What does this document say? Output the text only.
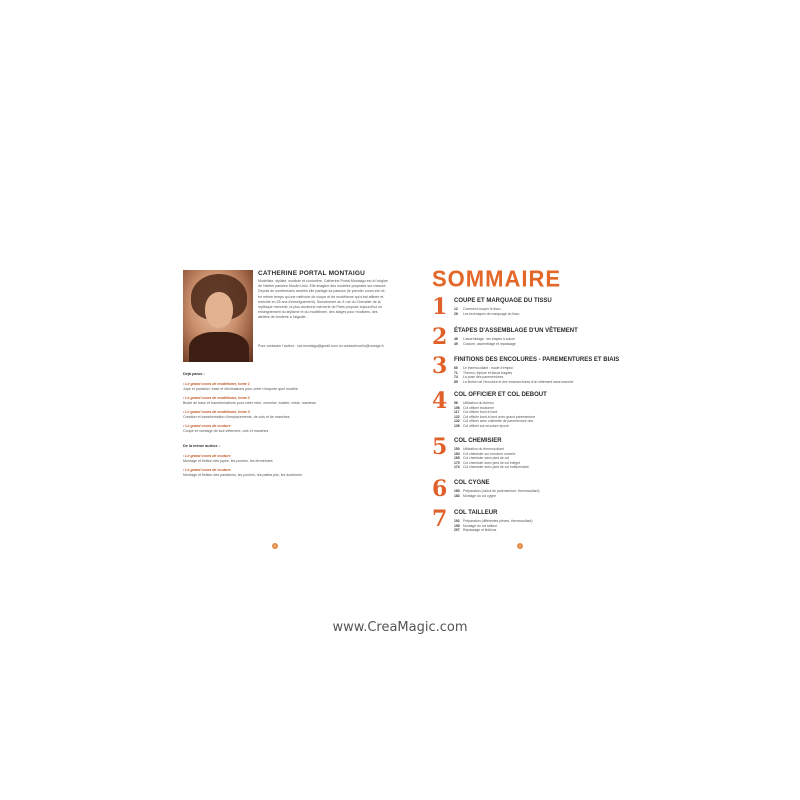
CATHERINE PORTAL MONTAIGU
Modéliste, styliste, modiste et couturière, Catherine Portal Montaigu est à l'origine de l'atelier parisien Moulin Unic. Elle imagine des modèles proposés sur-mesure. Depuis de nombreuses années elle partage sa passion (le premier cours est né, en même temps qu'une méthode de coupe et de modélisme qui s'est affinée et enrichie en 25 ans d'enseignement). Surnommée au 4 rue du Chevalier de la mythique mercerie, la plus ancienne mercerie de Paris propose aujourd'hui un enseignement du stylisme et du modélisme, des stages pour modistes, des ateliers de broderie à l'aiguille...
Pour contacter l'auteur : cat.montaigu@gmail.com ou contactmoulin@orange.fr
Déjà parus :
• Le grand cours de modélisme, tome 1
Jupe et pantalon, base et déclinaisons pour créer n'importe quel modèle
• Le grand cours de modélisme, tome 2
Buste de base et transformations pour créer robe, chemise, bustier, veste, manteau
• Le grand cours de modélisme, tome 3
Création et transformation d'emplacements, de cols et de manches
• Le grand cours de couture
Coupe et montage de tout vêtement, cols et manches
De la même autrice :
• Le grand cours de couture
Montage et finition des jupes, les poches, les fermetures
• Le grand cours de couture
Montage et finition des pantalons, les poches, les pattes plis, les doublures
6
SOMMAIRE
1 COUPE ET MARQUAGE DU TISSU
12 Comment couper le tissu
26 Les techniques de marquage du tissu
2 ÉTAPES D'ASSEMBLAGE D'UN VÊTEMENT
46 L'assemblage : les étapes à suivre
49 Couture, assemblage et repassage
3 FINITIONS DES ENCOLURES - PAREMENTURES ET BIAIS
60 Le thermocollant : mode d'emploi
71 Thermo, triplure et tissus fragiles
74 La pose des parementures
89 La finition de l'encolure et des emmanchures d'un vêtement sans manche
4 COL OFFICIER ET COL DEBOUT
96 Utilisation du thermo
106 Col officier boutonné
117 Col officier bord à bord
122 Col officier bord à bord avec grand parementure
132 Col officier avec collerette de parementure dos
139 Col officier sur encolure époxé
5 COL CHEMISIER
150 Utilisation du thermocollant
154 Col chemisier sur encolure ouverte
165 Col chemisier sans pied de col
170 Col chemisier avec pied de col intégré
174 Col chemisier avec pied de col indépendant
6 COL CYGNE
180 Préparation (calcul de parementure, thermocollant)
183 Montage du col cygne
7 COL TAILLEUR
192 Préparation (différentes pièces, thermocollant)
195 Montage du col tailleur
207 Repassage et finitions
7
www.CreaMagic.com
